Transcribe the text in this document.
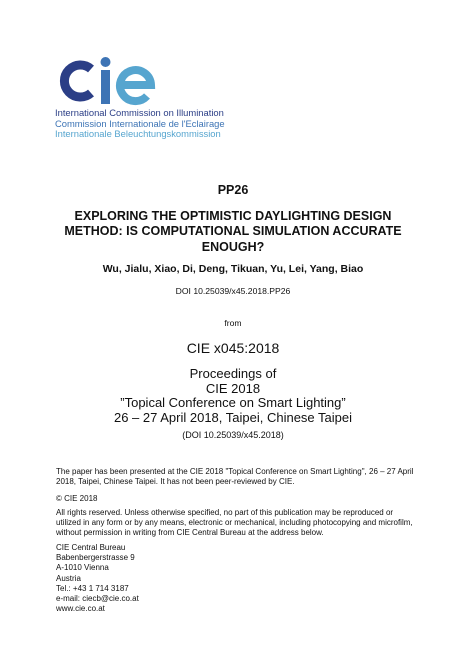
International Commission on Illumination
Commission Internationale de l'Eclairage
Internationale Beleuchtungskommission
PP26
EXPLORING THE OPTIMISTIC DAYLIGHTING DESIGN METHOD: IS COMPUTATIONAL SIMULATION ACCURATE ENOUGH?
Wu, Jialu, Xiao, Di, Deng, Tikuan, Yu, Lei, Yang, Biao
DOI 10.25039/x45.2018.PP26
from
CIE x045:2018
Proceedings of
CIE 2018
”Topical Conference on Smart Lighting”
26 – 27 April 2018, Taipei, Chinese Taipei
(DOI 10.25039/x45.2018)
The paper has been presented at the CIE 2018 "Topical Conference on Smart Lighting", 26 – 27 April 2018, Taipei, Chinese Taipei. It has not been peer-reviewed by CIE.
© CIE 2018
All rights reserved. Unless otherwise specified, no part of this publication may be reproduced or utilized in any form or by any means, electronic or mechanical, including photocopying and microfilm, without permission in writing from CIE Central Bureau at the address below.
CIE Central Bureau
Babenbergerstrasse 9
A-1010 Vienna
Austria
Tel.: +43 1 714 3187
e-mail: ciecb@cie.co.at
www.cie.co.at
